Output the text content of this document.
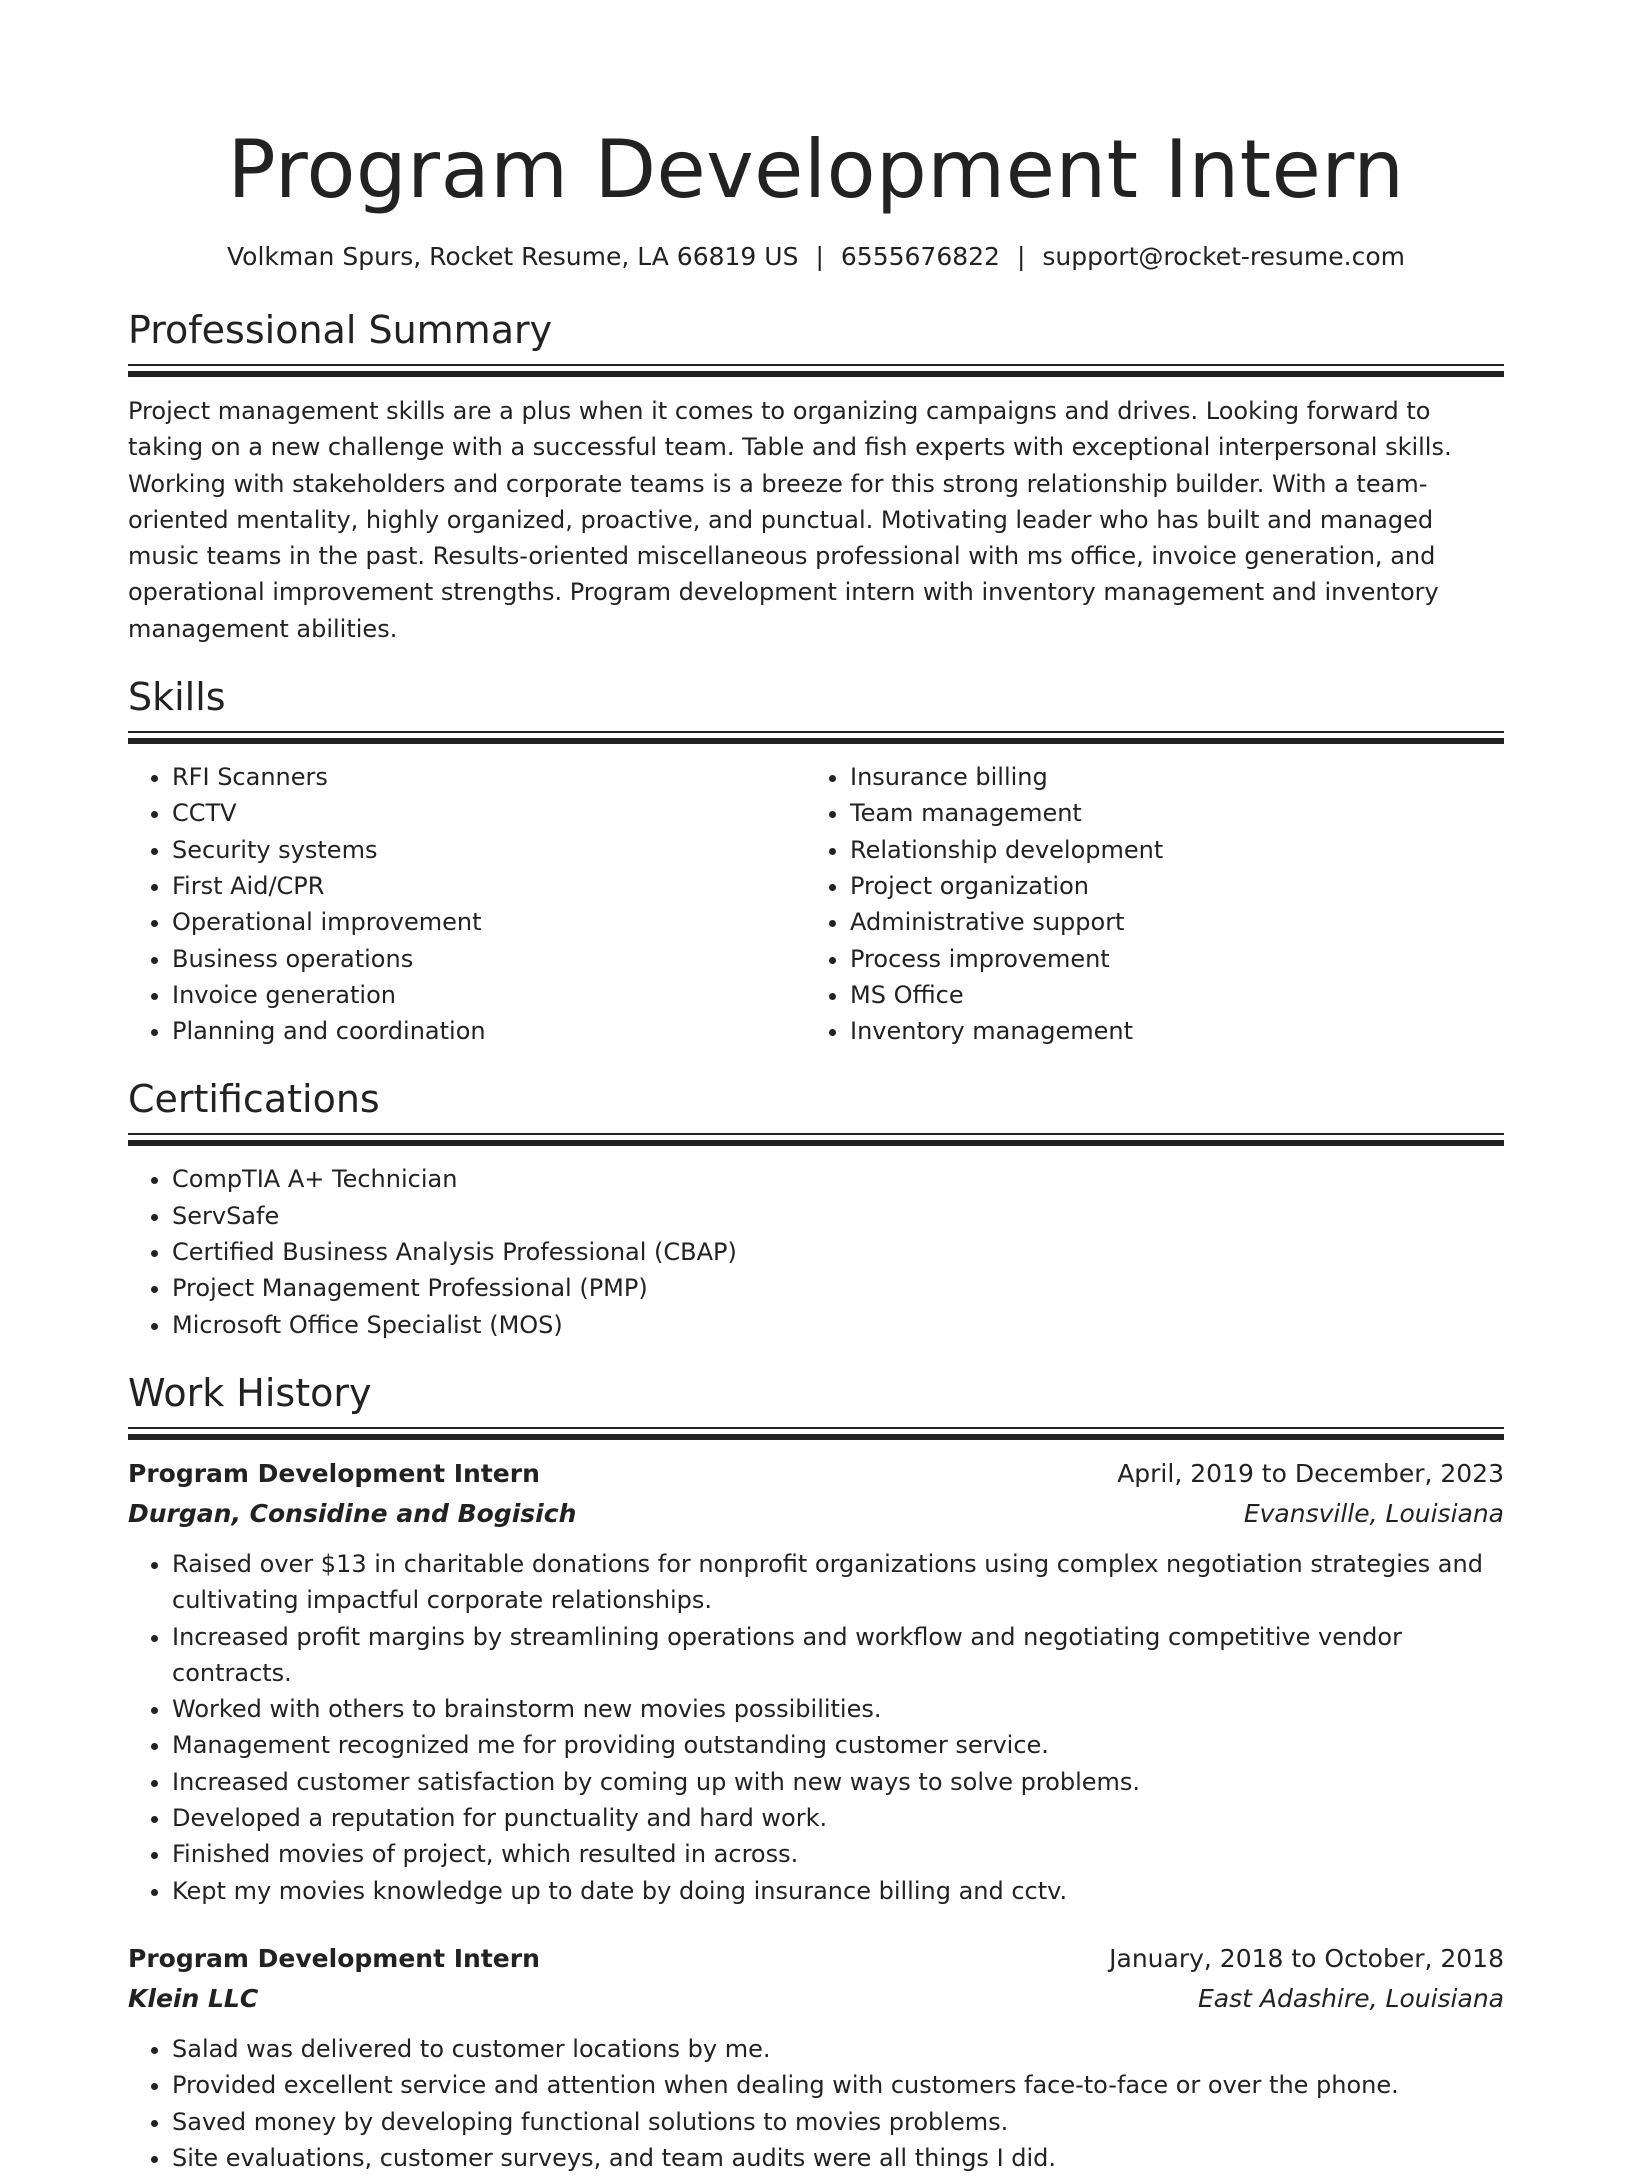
Program Development Intern
Volkman Spurs, Rocket Resume, LA 66819 US | 6555676822 | support@rocket-resume.com
Professional Summary

Project management skills are a plus when it comes to organizing campaigns and drives. Looking forward to taking on a new challenge with a successful team. Table and fish experts with exceptional interpersonal skills. Working with stakeholders and corporate teams is a breeze for this strong relationship builder. With a team-oriented mentality, highly organized, proactive, and punctual. Motivating leader who has built and managed music teams in the past. Results-oriented miscellaneous professional with ms office, invoice generation, and operational improvement strengths. Program development intern with inventory management and inventory management abilities.

Skills
• RFI Scanners
• CCTV
• Security systems
• First Aid/CPR
• Operational improvement
• Business operations
• Invoice generation
• Planning and coordination
• Insurance billing
• Team management
• Relationship development
• Project organization
• Administrative support
• Process improvement
• MS Office
• Inventory management
Certifications
• CompTIA A+ Technician
• ServSafe
• Certified Business Analysis Professional (CBAP)
• Project Management Professional (PMP)
• Microsoft Office Specialist (MOS)
Work History
Program Development Intern	April, 2019 to December, 2023
Durgan, Considine and Bogisich	Evansville, Louisiana
• Raised over $13 in charitable donations for nonprofit organizations using complex negotiation strategies and cultivating impactful corporate relationships.
• Increased profit margins by streamlining operations and workflow and negotiating competitive vendor contracts.
• Worked with others to brainstorm new movies possibilities.
• Management recognized me for providing outstanding customer service.
• Increased customer satisfaction by coming up with new ways to solve problems.
• Developed a reputation for punctuality and hard work.
• Finished movies of project, which resulted in across.
• Kept my movies knowledge up to date by doing insurance billing and cctv.
Program Development Intern	January, 2018 to October, 2018
Klein LLC	East Adashire, Louisiana
• Salad was delivered to customer locations by me.
• Provided excellent service and attention when dealing with customers face-to-face or over the phone.
• Saved money by developing functional solutions to movies problems.
• Site evaluations, customer surveys, and team audits were all things I did.
